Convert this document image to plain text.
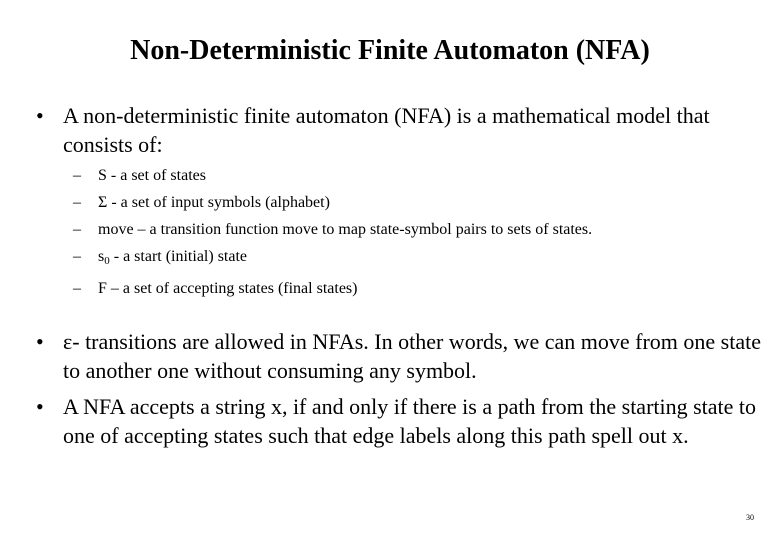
Non-Deterministic Finite Automaton (NFA)
• A non-deterministic finite automaton (NFA) is a mathematical model that consists of:
– S - a set of states
– Σ - a set of input symbols (alphabet)
– move – a transition function move to map state-symbol pairs to sets of states.
– $s_0$ - a start (initial) state
– F – a set of accepting states (final states)
• ε- transitions are allowed in NFAs. In other words, we can move from one state to another one without consuming any symbol.
• A NFA accepts a string x, if and only if there is a path from the starting state to one of accepting states such that edge labels along this path spell out x.
30
